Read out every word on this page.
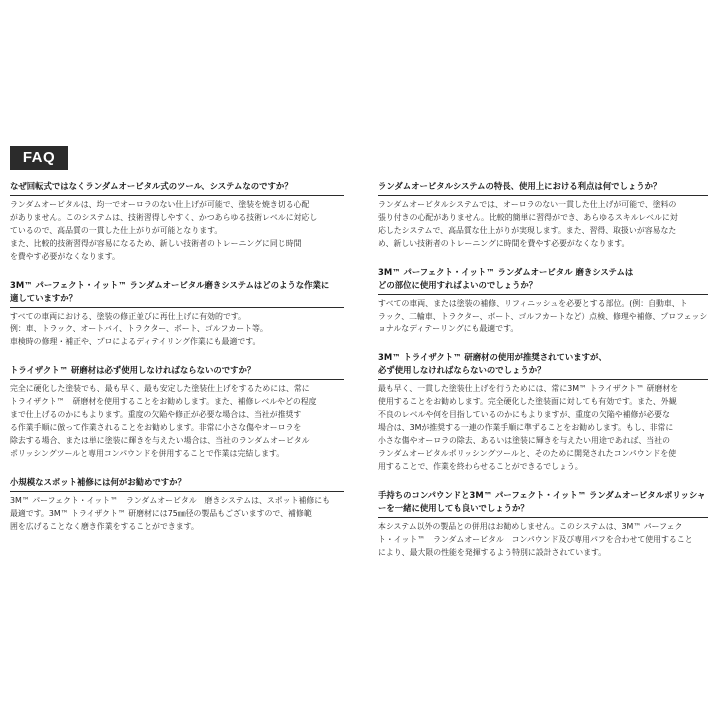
FAQ
なぜ回転式ではなくランダムオービタル式のツール、システムなのですか？
ランダムオービタルは、均一でオーロラのない仕上げが可能で、塗装を焼き切る心配
がありません。このシステムは、技術習得しやすく、かつあらゆる技術レベルに対応し
ているので、高品質の一貫した仕上がりが可能となります。
また、比較的技術習得が容易になるため、新しい技術者のトレーニングに同じ時間
を費やす必要がなくなります。
3M™ パーフェクト・イット™ ランダムオービタル磨きシステムはどのような作業に
適していますか？
すべての車両における、塗装の修正並びに再仕上げに有効的です。
例：車、トラック、オートバイ、トラクター、ボート、ゴルフカート等。
車検時の修理・補正や、プロによるディテイリング作業にも最適です。
トライザクト™ 研磨材は必ず使用しなければならないのですか？
完全に硬化した塗装でも、最も早く、最も安定した塗装仕上げをするためには、常に
トライザクト™　研磨材を使用することをお勧めします。また、補修レベルやどの程度
まで仕上げるのかにもよります。重度の欠陥や修正が必要な場合は、当社が推奨す
る作業手順に倣って作業されることをお勧めします。非常に小さな傷やオーロラを
除去する場合、または単に塗装に輝きを与えたい場合は、当社のランダムオービタル
ポリッシングツールと専用コンパウンドを併用することで作業は完結します。
小規模なスポット補修には何がお勧めですか？
3M™ パーフェクト・イット™　ランダムオービタル　磨きシステムは、スポット補修にも
最適です。3M™ トライザクト™ 研磨材には75㎜径の製品もございますので、補修範
囲を広げることなく磨き作業をすることができます。
ランダムオービタルシステムの特長、使用上における利点は何でしょうか？
ランダムオービタルシステムでは、オーロラのない一貫した仕上げが可能で、塗料の
張り付きの心配がありません。比較的簡単に習得ができ、あらゆるスキルレベルに対
応したシステムで、高品質な仕上がりが実現します。また、習得、取扱いが容易なた
め、新しい技術者のトレーニングに時間を費やす必要がなくなります。
3M™ パーフェクト・イット™ ランダムオービタル 磨きシステムは
どの部位に使用すればよいのでしょうか？
すべての車両、または塗装の補修、リフィニッシュを必要とする部位。(例：自動車、ト
ラック、二輪車、トラクター、ボート、ゴルフカートなど）点検、修理や補修、プロフェッシ
ョナルなディテーリングにも最適です。
3M™ トライザクト™ 研磨材の使用が推奨されていますが、
必ず使用しなければならないのでしょうか？
最も早く、一貫した塗装仕上げを行うためには、常に3M™ トライザクト™ 研磨材を
使用することをお勧めします。完全硬化した塗装面に対しても有効です。また、外観
不良のレベルや何を目指しているのかにもよりますが、重度の欠陥や補修が必要な
場合は、3Mが推奨する一連の作業手順に準ずることをお勧めします。もし、非常に
小さな傷やオーロラの除去、あるいは塗装に輝きを与えたい用途であれば、当社の
ランダムオービタルポリッシングツールと、そのために開発されたコンパウンドを使
用することで、作業を終わらせることができるでしょう。
手持ちのコンパウンドと3M™ パーフェクト・イット™ ランダムオービタルポリッシャ
ーを一緒に使用しても良いでしょうか？
本システム以外の製品との併用はお勧めしません。このシステムは、3M™ パーフェク
ト・イット™　ランダムオービタル　コンパウンド及び専用パフを合わせて使用すること
により、最大限の性能を発揮するよう特別に設計されています。
